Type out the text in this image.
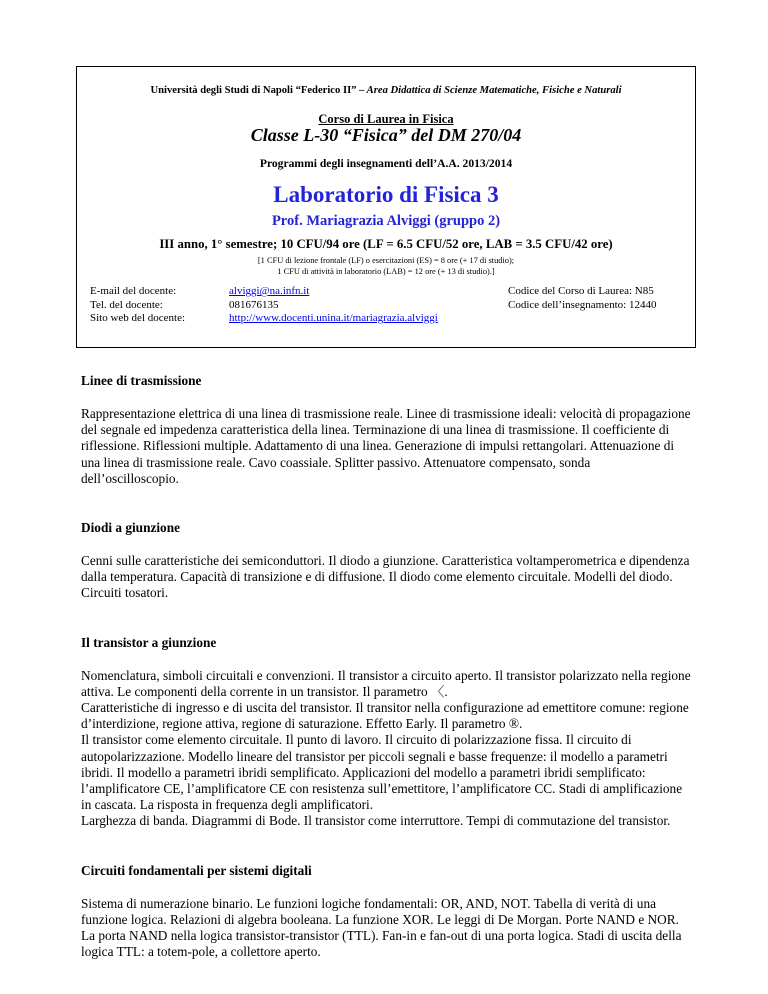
Università degli Studi di Napoli “Federico II” – Area Didattica di Scienze Matematiche, Fisiche e Naturali
Corso di Laurea in Fisica
Classe L-30 “Fisica” del DM 270/04
Programmi degli insegnamenti dell’A.A. 2013/2014
Laboratorio di Fisica 3
Prof. Mariagrazia Alviggi (gruppo 2)
III anno, 1° semestre; 10 CFU/94 ore (LF = 6.5 CFU/52 ore, LAB = 3.5 CFU/42 ore)
[1 CFU di lezione frontale (LF) o esercitazioni (ES) = 8 ore (+ 17 di studio);
1 CFU di attività in laboratorio (LAB) = 12 ore (+ 13 di studio).]
E-mail del docente:
Tel. del docente:
Sito web del docente:
alviggi@na.infn.it
081676135
http://www.docenti.unina.it/mariagrazia.alviggi
Codice del Corso di Laurea: N85
Codice dell’insegnamento: 12440
Linee di trasmissione

Rappresentazione elettrica di una linea di trasmissione reale. Linee di trasmissione ideali: velocità di propagazione del segnale ed impedenza caratteristica della linea. Terminazione di una linea di trasmissione. Il coefficiente di riflessione. Riflessioni multiple. Adattamento di una linea. Generazione di impulsi rettangolari. Attenuazione di una linea di trasmissione reale. Cavo coassiale. Splitter passivo. Attenuatore compensato, sonda dell’oscilloscopio.

Diodi a giunzione

Cenni sulle caratteristiche dei semiconduttori. Il diodo a giunzione. Caratteristica voltamperometrica e dipendenza dalla temperatura. Capacità di transizione e di diffusione. Il diodo come elemento circuitale. Modelli del diodo. Circuiti tosatori.

Il transistor a giunzione

Nomenclatura, simboli circuitali e convenzioni. Il transistor a circuito aperto. Il transistor polarizzato nella regione attiva. Le componenti della corrente in un transistor. Il parametro 〈.

Caratteristiche di ingresso e di uscita del transistor. Il transitor nella configurazione ad emettitore comune: regione d’interdizione, regione attiva, regione di saturazione. Effetto Early. Il parametro ®.

Il transistor come elemento circuitale. Il punto di lavoro. Il circuito di polarizzazione fissa. Il circuito di autopolarizzazione. Modello lineare del transistor per piccoli segnali e basse frequenze: il modello a parametri ibridi. Il modello a parametri ibridi semplificato. Applicazioni del modello a parametri ibridi semplificato: l’amplificatore CE, l’amplificatore CE con resistenza sull’emettitore, l’amplificatore CC. Stadi di amplificazione in cascata. La risposta in frequenza degli amplificatori.

Larghezza di banda. Diagrammi di Bode. Il transistor come interruttore. Tempi di commutazione del transistor.

Circuiti fondamentali per sistemi digitali

Sistema di numerazione binario. Le funzioni logiche fondamentali: OR, AND, NOT. Tabella di verità di una funzione logica. Relazioni di algebra booleana. La funzione XOR. Le leggi di De Morgan. Porte NAND e NOR. La porta NAND nella logica transistor-transistor (TTL). Fan-in e fan-out di una porta logica. Stadi di uscita della logica TTL: a totem-pole, a collettore aperto.
